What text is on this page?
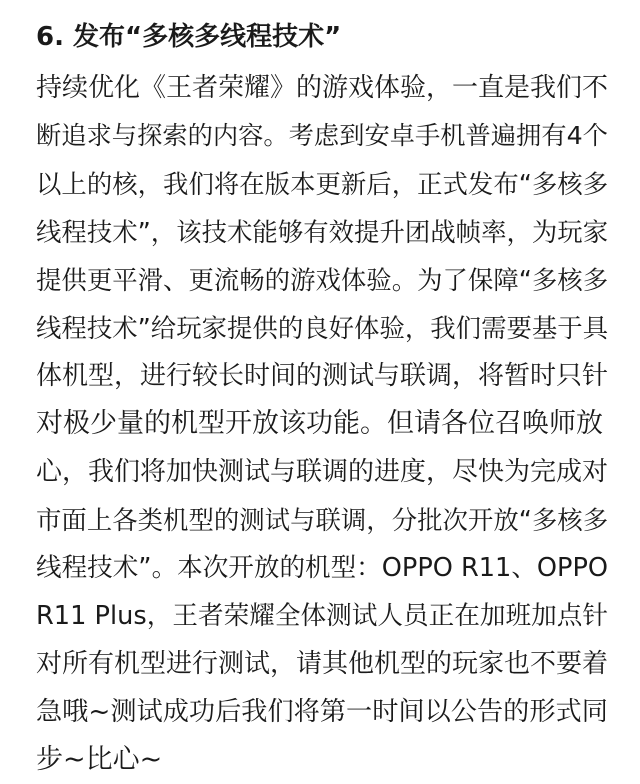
6. 发布“多核多线程技术”
持续优化《王者荣耀》的游戏体验，一直是我们不
断追求与探索的内容。考虑到安卓手机普遍拥有4个
以上的核，我们将在版本更新后，正式发布“多核多
线程技术”，该技术能够有效提升团战帧率，为玩家
提供更平滑、更流畅的游戏体验。为了保障“多核多
线程技术”给玩家提供的良好体验，我们需要基于具
体机型，进行较长时间的测试与联调，将暂时只针
对极少量的机型开放该功能。但请各位召唤师放
心，我们将加快测试与联调的进度，尽快为完成对
市面上各类机型的测试与联调，分批次开放“多核多
线程技术”。本次开放的机型：OPPO R11、OPPO
R11 Plus，王者荣耀全体测试人员正在加班加点针
对所有机型进行测试，请其他机型的玩家也不要着
急哦~测试成功后我们将第一时间以公告的形式同
步~比心~
